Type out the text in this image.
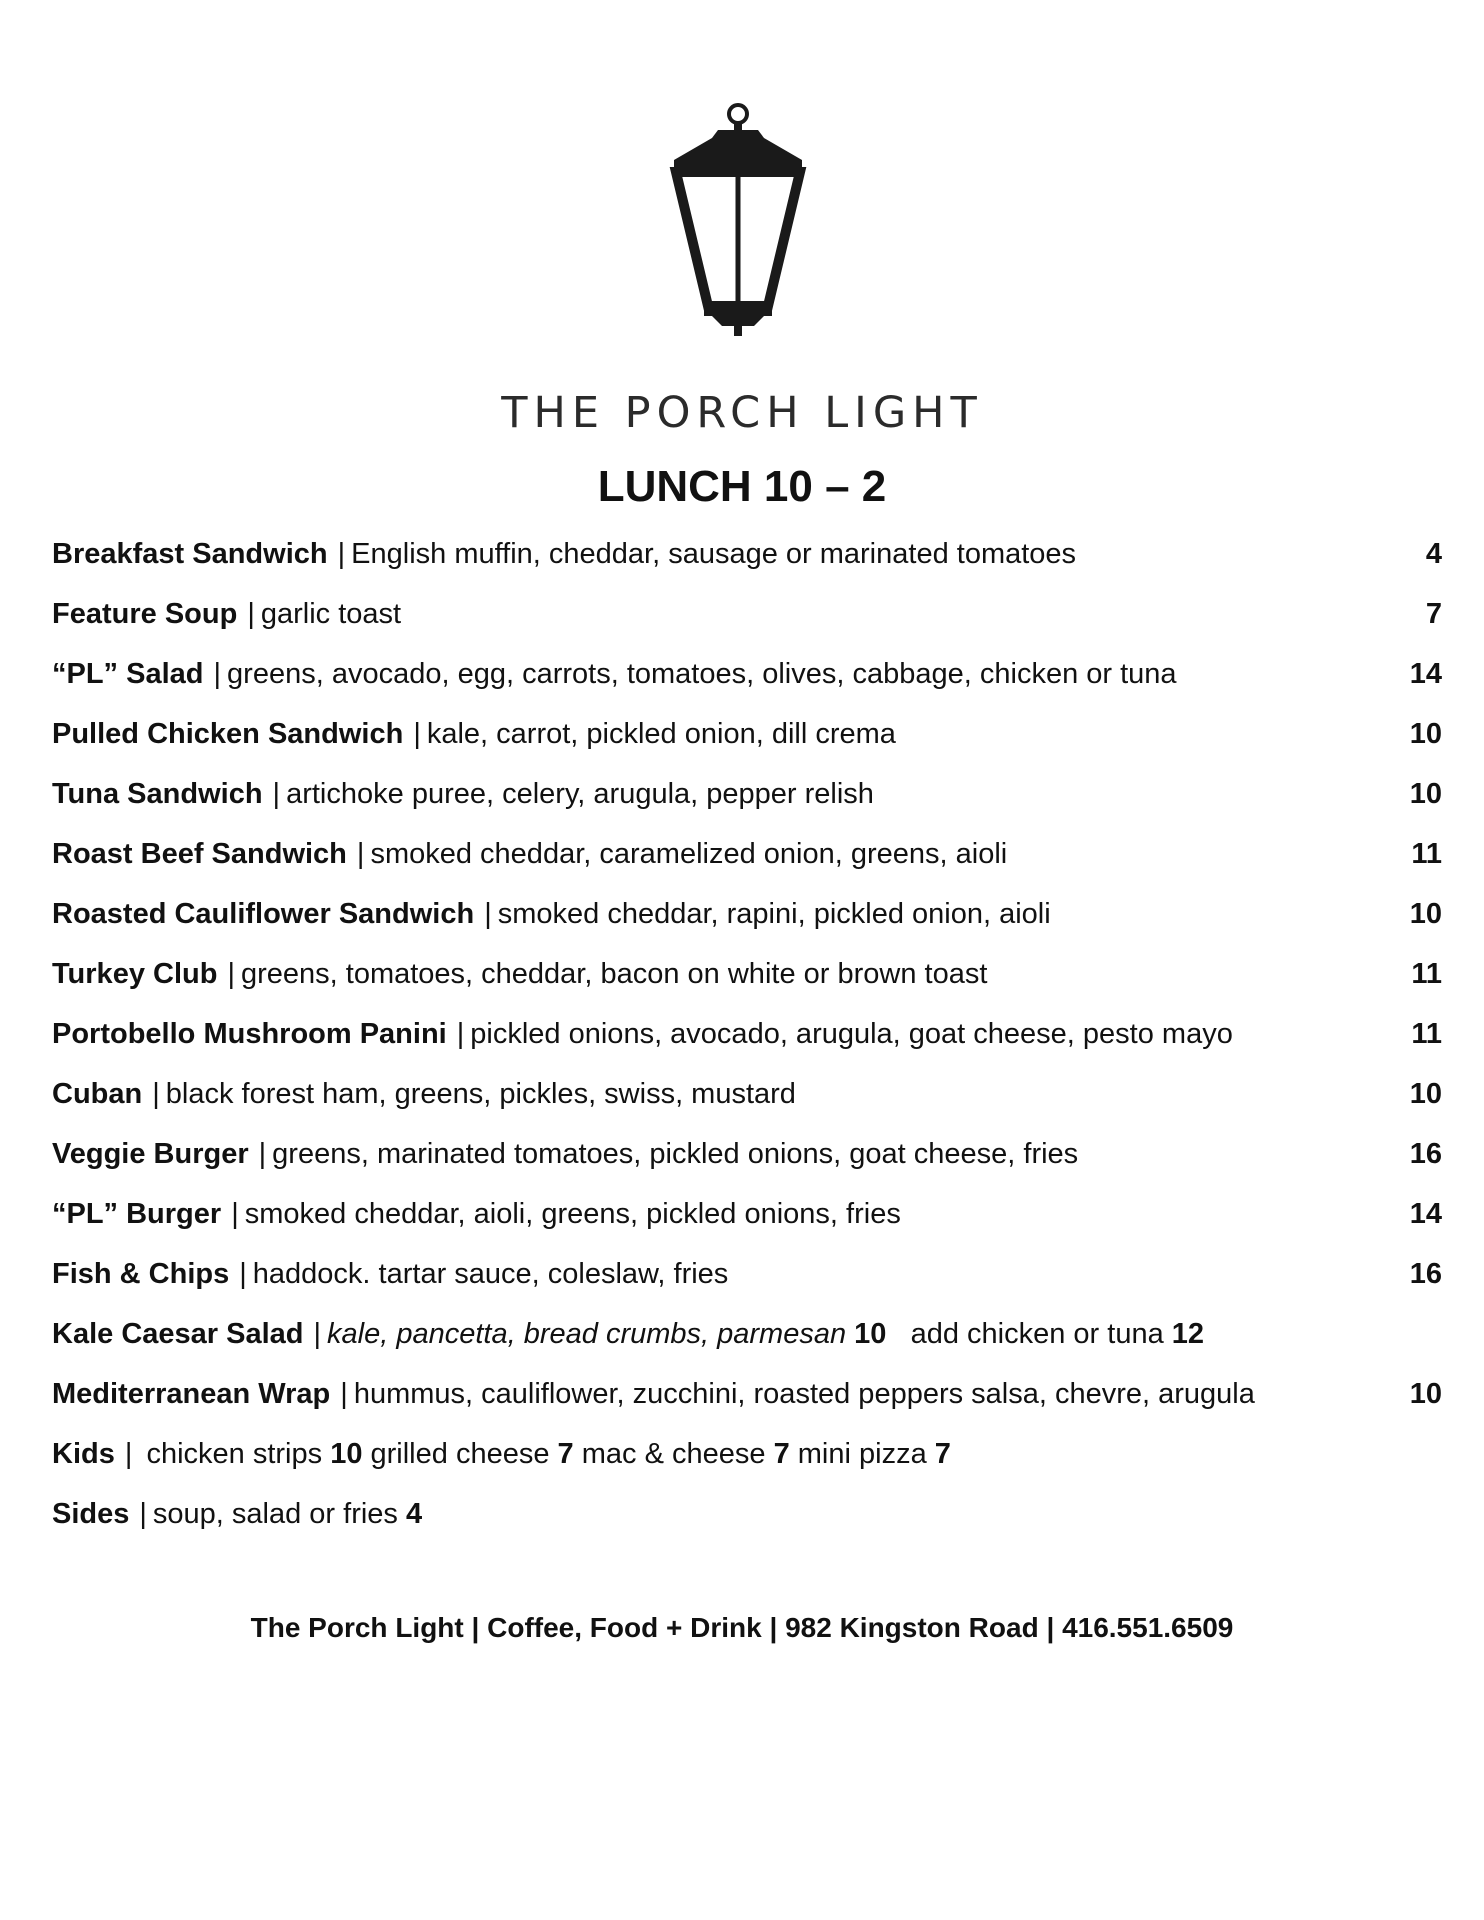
THE PORCH LIGHT
LUNCH 10 – 2
Breakfast Sandwich | English muffin, cheddar, sausage or marinated tomatoes	4
Feature Soup | garlic toast	7
“PL” Salad | greens, avocado, egg, carrots, tomatoes, olives, cabbage, chicken or tuna	14
Pulled Chicken Sandwich | kale, carrot, pickled onion, dill crema	10
Tuna Sandwich | artichoke puree, celery, arugula, pepper relish	10
Roast Beef Sandwich | smoked cheddar, caramelized onion, greens, aioli	11
Roasted Cauliflower Sandwich | smoked cheddar, rapini, pickled onion, aioli	10
Turkey Club | greens, tomatoes, cheddar, bacon on white or brown toast	11
Portobello Mushroom Panini | pickled onions, avocado, arugula, goat cheese, pesto mayo	11
Cuban | black forest ham, greens, pickles, swiss, mustard	10
Veggie Burger | greens, marinated tomatoes, pickled onions, goat cheese, fries	16
“PL” Burger | smoked cheddar, aioli, greens, pickled onions, fries	14
Fish & Chips | haddock. tartar sauce, coleslaw, fries	16
Kale Caesar Salad | kale, pancetta, bread crumbs, parmesan 10 add chicken or tuna 12
Mediterranean Wrap | hummus, cauliflower, zucchini, roasted peppers salsa, chevre, arugula	10
Kids | chicken strips 10 grilled cheese 7 mac & cheese 7 mini pizza 7
Sides | soup, salad or fries 4

The Porch Light | Coffee, Food + Drink | 982 Kingston Road | 416.551.6509
